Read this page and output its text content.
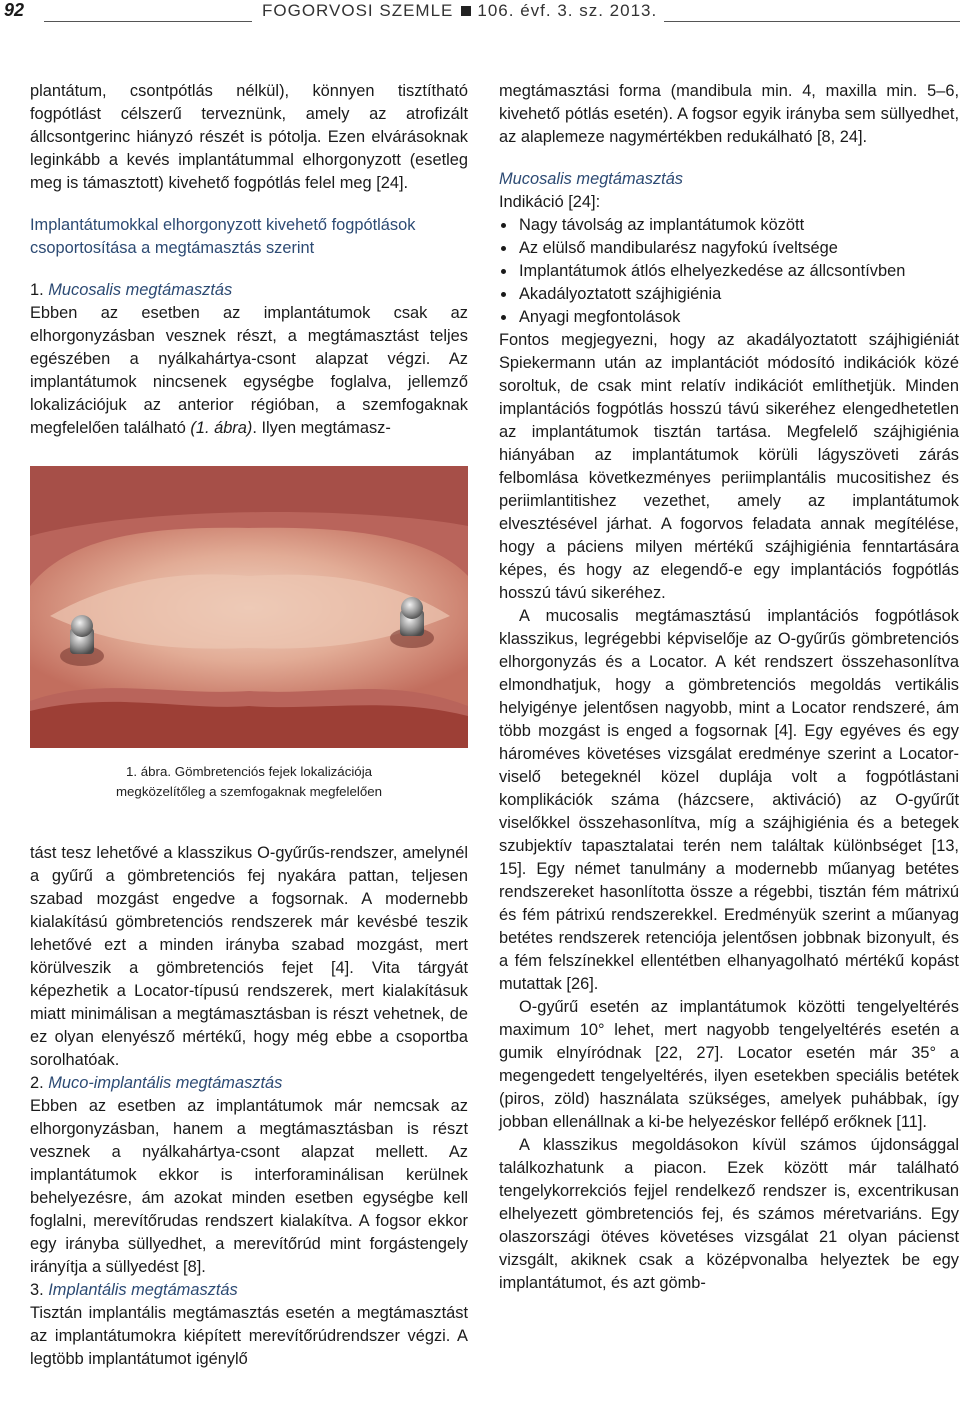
92	FOGORVOSI SZEMLE 106. évf. 3. sz. 2013.

plantátum, csontpótlás nélkül), könnyen tisztítható fogpótlást célszerű terveznünk, amely az atrofizált állcsontgerinc hiányzó részét is pótolja. Ezen elvárásoknak leginkább a kevés implantátummal elhorgonyzott (esetleg meg is támasztott) kivehető fogpótlás felel meg [24].

Implantátumokkal elhorgonyzott kivehető fogpótlások csoportosítása a megtámasztás szerint

1. Mucosalis megtámasztás

Ebben az esetben az implantátumok csak az elhorgonyzásban vesznek részt, a megtámasztást teljes egészében a nyálkahártya-csont alapzat végzi. Az implantátumok nincsenek egységbe foglalva, jellemző lokalizációjuk az anterior régióban, a szemfogaknak megfelelően található (1. ábra). Ilyen megtámasz-

1. ábra. Gömbretenciós fejek lokalizációja
megközelítőleg a szemfogaknak megfelelően

tást tesz lehetővé a klasszikus O-gyűrűs-rendszer, amelynél a gyűrű a gömbretenciós fej nyakára pattan, teljesen szabad mozgást engedve a fogsornak. A modernebb kialakítású gömbretenciós rendszerek már kevésbé teszik lehetővé ezt a minden irányba szabad mozgást, mert körülveszik a gömbretenciós fejet [4]. Vita tárgyát képezhetik a Locator-típusú rendszerek, mert kialakításuk miatt minimálisan a megtámasztásban is részt vehetnek, de ez olyan elenyésző mértékű, hogy még ebbe a csoportba sorolhatóak.

2. Muco-implantális megtámasztás

Ebben az esetben az implantátumok már nemcsak az elhorgonyzásban, hanem a megtámasztásban is részt vesznek a nyálkahártya-csont alapzat mellett. Az implantátumok ekkor is interforaminálisan kerülnek behelyezésre, ám azokat minden esetben egységbe kell foglalni, merevítőrudas rendszert kialakítva. A fogsor ekkor egy irányba süllyedhet, a merevítőrúd mint forgástengely irányítja a süllyedést [8].

3. Implantális megtámasztás

Tisztán implantális megtámasztás esetén a megtámasztást az implantátumokra kiépített merevítőrúdrendszer végzi. A legtöbb implantátumot igénylő

megtámasztási forma (mandibula min. 4, maxilla min. 5–6, kivehető pótlás esetén). A fogsor egyik irányba sem süllyedhet, az alaplemeze nagymértékben redukálható [8, 24].

Mucosalis megtámasztás

Indikáció [24]:

Nagy távolság az implantátumok között
Az elülső mandibularész nagyfokú íveltsége
Implantátumok átlós elhelyezkedése az állcsontívben
Akadályoztatott szájhigiénia
Anyagi megfontolások

Fontos megjegyezni, hogy az akadályoztatott szájhigiéniát Spiekermann után az implantációt módosító indikációk közé soroltuk, de csak mint relatív indikációt említhetjük. Minden implantációs fogpótlás hosszú távú sikeréhez elengedhetetlen az implantátumok tisztán tartása. Megfelelő szájhigiénia hiányában az implantátumok körüli lágyszöveti zárás felbomlása következményes periimplantális mucositishez és periimlantitishez vezethet, amely az implantátumok elvesztésével járhat. A fogorvos feladata annak megítélése, hogy a páciens milyen mértékű szájhigiénia fenntartására képes, és hogy az elegendő-e egy implantációs fogpótlás hosszú távú sikeréhez.

A mucosalis megtámasztású implantációs fogpótlások klasszikus, legrégebbi képviselője az O-gyűrűs gömbretenciós elhorgonyzás és a Locator. A két rendszert összehasonlítva elmondhatjuk, hogy a gömbretenciós megoldás vertikális helyigénye jelentősen nagyobb, mint a Locator rendszeré, ám több mozgást is enged a fogsornak [4]. Egy egyéves és egy hároméves követéses vizsgálat eredménye szerint a Locator-viselő betegeknél közel duplája volt a fogpótlástani komplikációk száma (házcsere, aktiváció) az O-gyűrűt viselőkkel összehasonlítva, míg a szájhigiénia és a betegek szubjektív tapasztalatai terén nem találtak különbséget [13, 15]. Egy német tanulmány a modernebb műanyag betétes rendszereket hasonlította össze a régebbi, tisztán fém mátrixú és fém pátrixú rendszerekkel. Eredményük szerint a műanyag betétes rendszerek retenciója jelentősen jobbnak bizonyult, és a fém felszínekkel ellentétben elhanyagolható mértékű kopást mutattak [26].

O-gyűrű esetén az implantátumok közötti tengelyeltérés maximum 10° lehet, mert nagyobb tengelyeltérés esetén a gumik elnyíródnak [22, 27]. Locator esetén már 35° a megengedett tengelyeltérés, ilyen esetekben speciális betétek (piros, zöld) használata szükséges, amelyek puhábbak, így jobban ellenállnak a ki-be helyezéskor fellépő erőknek [11].

A klasszikus megoldásokon kívül számos újdonsággal találkozhatunk a piacon. Ezek között már található tengelykorrekciós fejjel rendelkező rendszer is, excentrikusan elhelyezett gömbretenciós fej, és számos méretvariáns. Egy olaszországi ötéves követéses vizsgálat 21 olyan pácienst vizsgált, akiknek csak a középvonalba helyeztek be egy implantátumot, és azt gömb-
